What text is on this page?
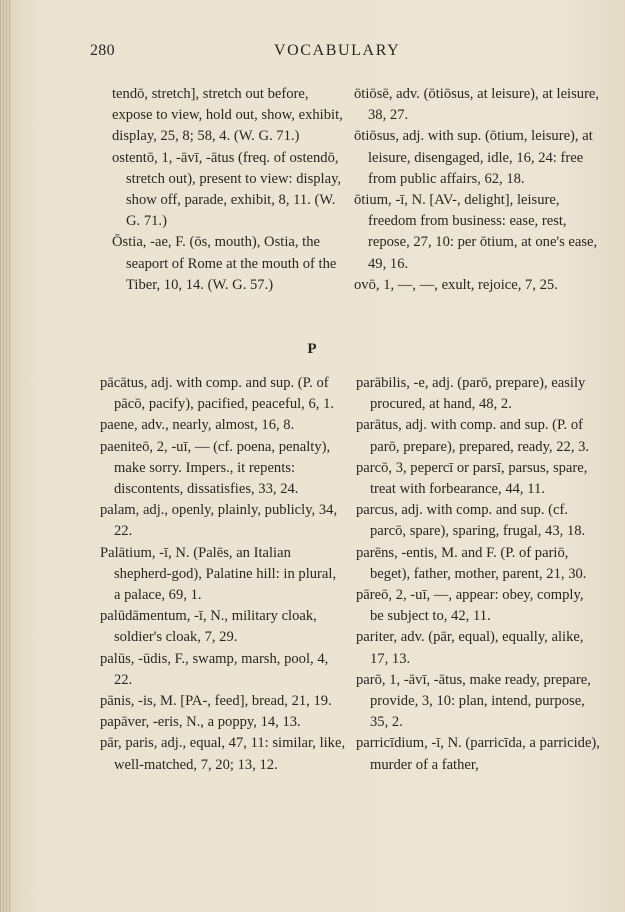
280	VOCABULARY

tendō, stretch], stretch out before, expose to view, hold out, show, exhibit, display, 25, 8; 58, 4. (W. G. 71.)

ostentō, 1, -āvī, -ātus (freq. of ostendō, stretch out), present to view: display, show off, parade, exhibit, 8, 11. (W. G. 71.)

Ōstia, -ae, F. (ōs, mouth), Ostia, the seaport of Rome at the mouth of the Tiber, 10, 14. (W. G. 57.)

ōtiōsē, adv. (ōtiōsus, at leisure), at leisure, 38, 27.

ōtiōsus, adj. with sup. (ōtium, leisure), at leisure, disengaged, idle, 16, 24: free from public affairs, 62, 18.

ōtium, -ī, N. [AV-, delight], leisure, freedom from business: ease, rest, repose, 27, 10: per ōtium, at one's ease, 49, 16.

ovō, 1, —, —, exult, rejoice, 7, 25.

P

pācātus, adj. with comp. and sup. (P. of pācō, pacify), pacified, peaceful, 6, 1.

paene, adv., nearly, almost, 16, 8.

paeniteō, 2, -uī, — (cf. poena, penalty), make sorry. Impers., it repents: discontents, dissatisfies, 33, 24.

palam, adj., openly, plainly, publicly, 34, 22.

Palātium, -ī, N. (Palēs, an Italian shepherd-god), Palatine hill: in plural, a palace, 69, 1.

palūdāmentum, -ī, N., military cloak, soldier's cloak, 7, 29.

palūs, -ūdis, F., swamp, marsh, pool, 4, 22.

pānis, -is, M. [PA-, feed], bread, 21, 19.

papāver, -eris, N., a poppy, 14, 13.

pār, paris, adj., equal, 47, 11: similar, like, well-matched, 7, 20; 13, 12.

parābilis, -e, adj. (parō, prepare), easily procured, at hand, 48, 2.

parātus, adj. with comp. and sup. (P. of parō, prepare), prepared, ready, 22, 3.

parcō, 3, pepercī or parsī, parsus, spare, treat with forbearance, 44, 11.

parcus, adj. with comp. and sup. (cf. parcō, spare), sparing, frugal, 43, 18.

parēns, -entis, M. and F. (P. of pariō, beget), father, mother, parent, 21, 30.

pāreō, 2, -uī, —, appear: obey, comply, be subject to, 42, 11.

pariter, adv. (pār, equal), equally, alike, 17, 13.

parō, 1, -āvī, -ātus, make ready, prepare, provide, 3, 10: plan, intend, purpose, 35, 2.

parricīdium, -ī, N. (parricīda, a parricide), murder of a father,
